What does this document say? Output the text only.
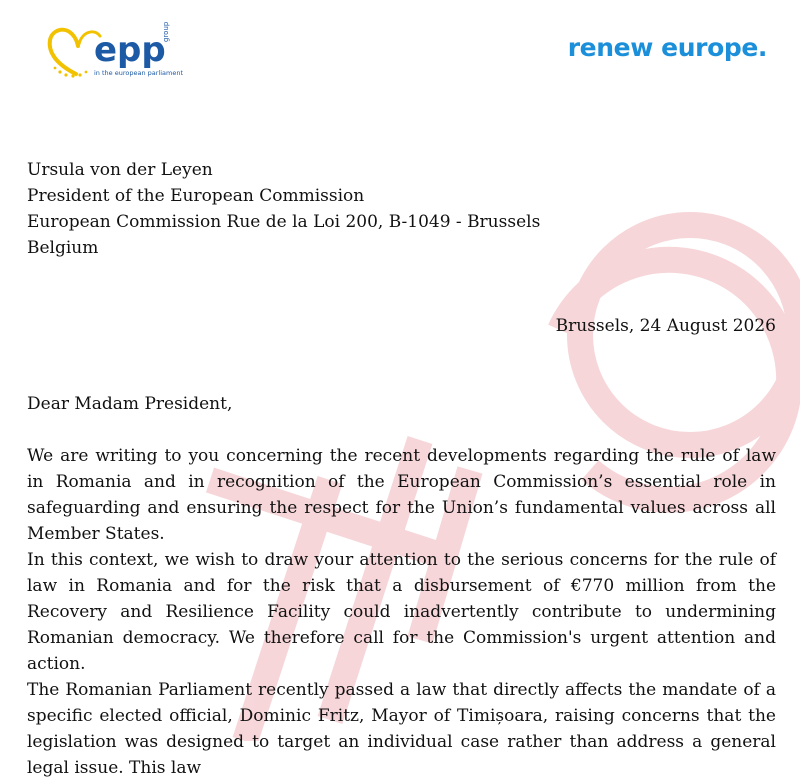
epp
group
in the european parliament
renew europe.
Ursula von der Leyen
President of the European Commission
European Commission Rue de la Loi 200, B-1049 - Brussels
Belgium
Brussels, 24 August 2026
Dear Madam President,
We are writing to you concerning the recent developments regarding the rule of law in Romania and in recognition of the European Commission’s essential role in safeguarding and ensuring the respect for the Union’s fundamental values across all Member States.
In this context, we wish to draw your attention to the serious concerns for the rule of law in Romania and for the risk that a disbursement of €770 million from the Recovery and Resilience Facility could inadvertently contribute to undermining Romanian democracy. We therefore call for the Commission's urgent attention and action.
The Romanian Parliament recently passed a law that directly affects the mandate of a specific elected official, Dominic Fritz, Mayor of Timișoara, raising concerns that the legislation was designed to target an individual case rather than address a general legal issue. This law
